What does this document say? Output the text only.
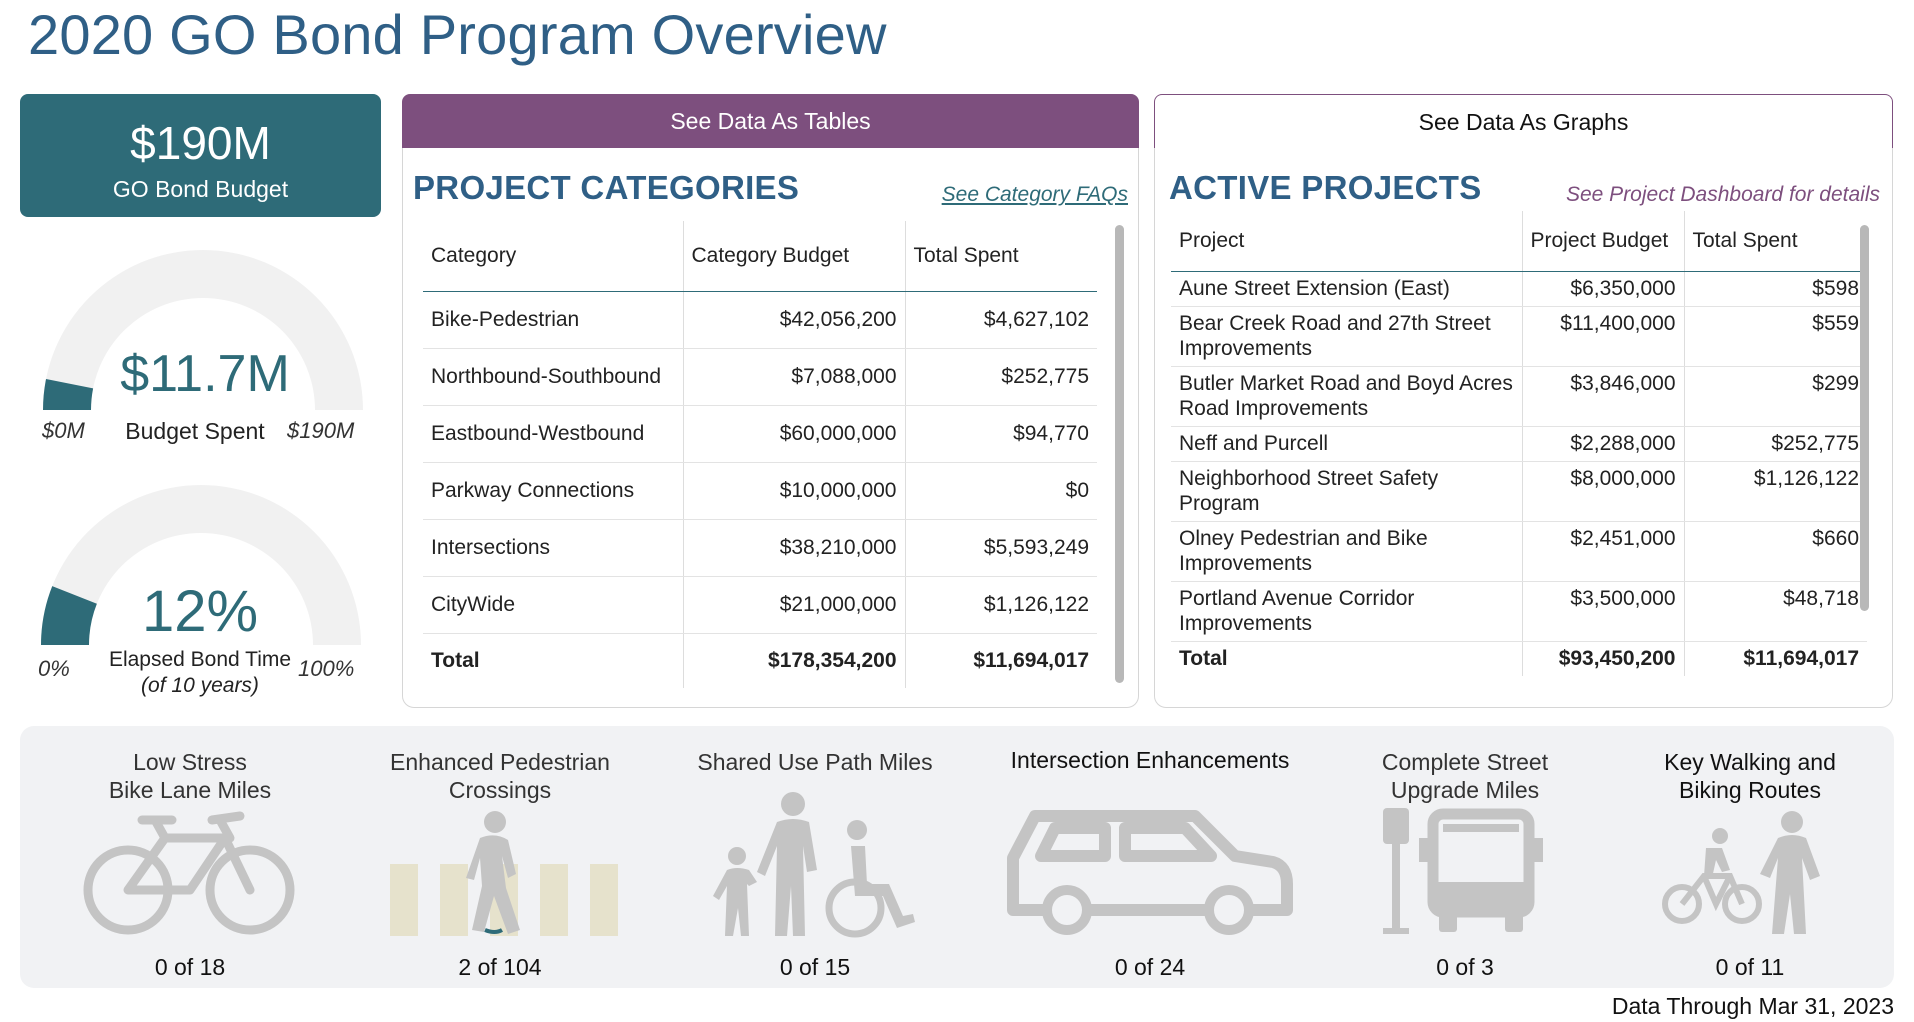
2020 GO Bond Program Overview
$190M
GO Bond Budget
$11.7M
Budget Spent
$0M	$190M
12%
Elapsed Bond Time
(of 10 years)
0%	100%
See Data As Tables
PROJECT CATEGORIES	See Category FAQs
Category	Category Budget	Total Spent
Bike-Pedestrian	$42,056,200	$4,627,102
Northbound-Southbound	$7,088,000	$252,775
Eastbound-Westbound	$60,000,000	$94,770
Parkway Connections	$10,000,000	$0
Intersections	$38,210,000	$5,593,249
CityWide	$21,000,000	$1,126,122
Total	$178,354,200	$11,694,017
See Data As Graphs
ACTIVE PROJECTS	See Project Dashboard for details
Project	Project Budget	Total Spent
Aune Street Extension (East)	$6,350,000	$598
Bear Creek Road and 27th Street Improvements	$11,400,000	$559
Butler Market Road and Boyd Acres Road Improvements	$3,846,000	$299
Neff and Purcell	$2,288,000	$252,775
Neighborhood Street Safety Program	$8,000,000	$1,126,122
Olney Pedestrian and Bike Improvements	$2,451,000	$660
Portland Avenue Corridor Improvements	$3,500,000	$48,718
Total	$93,450,200	$11,694,017
Low Stress
Bike Lane Miles
0 of 18
Enhanced Pedestrian
Crossings
2 of 104
Shared Use Path Miles
0 of 15
Intersection Enhancements
0 of 24
Complete Street
Upgrade Miles
0 of 3
Key Walking and
Biking Routes
0 of 11
Data Through Mar 31, 2023
